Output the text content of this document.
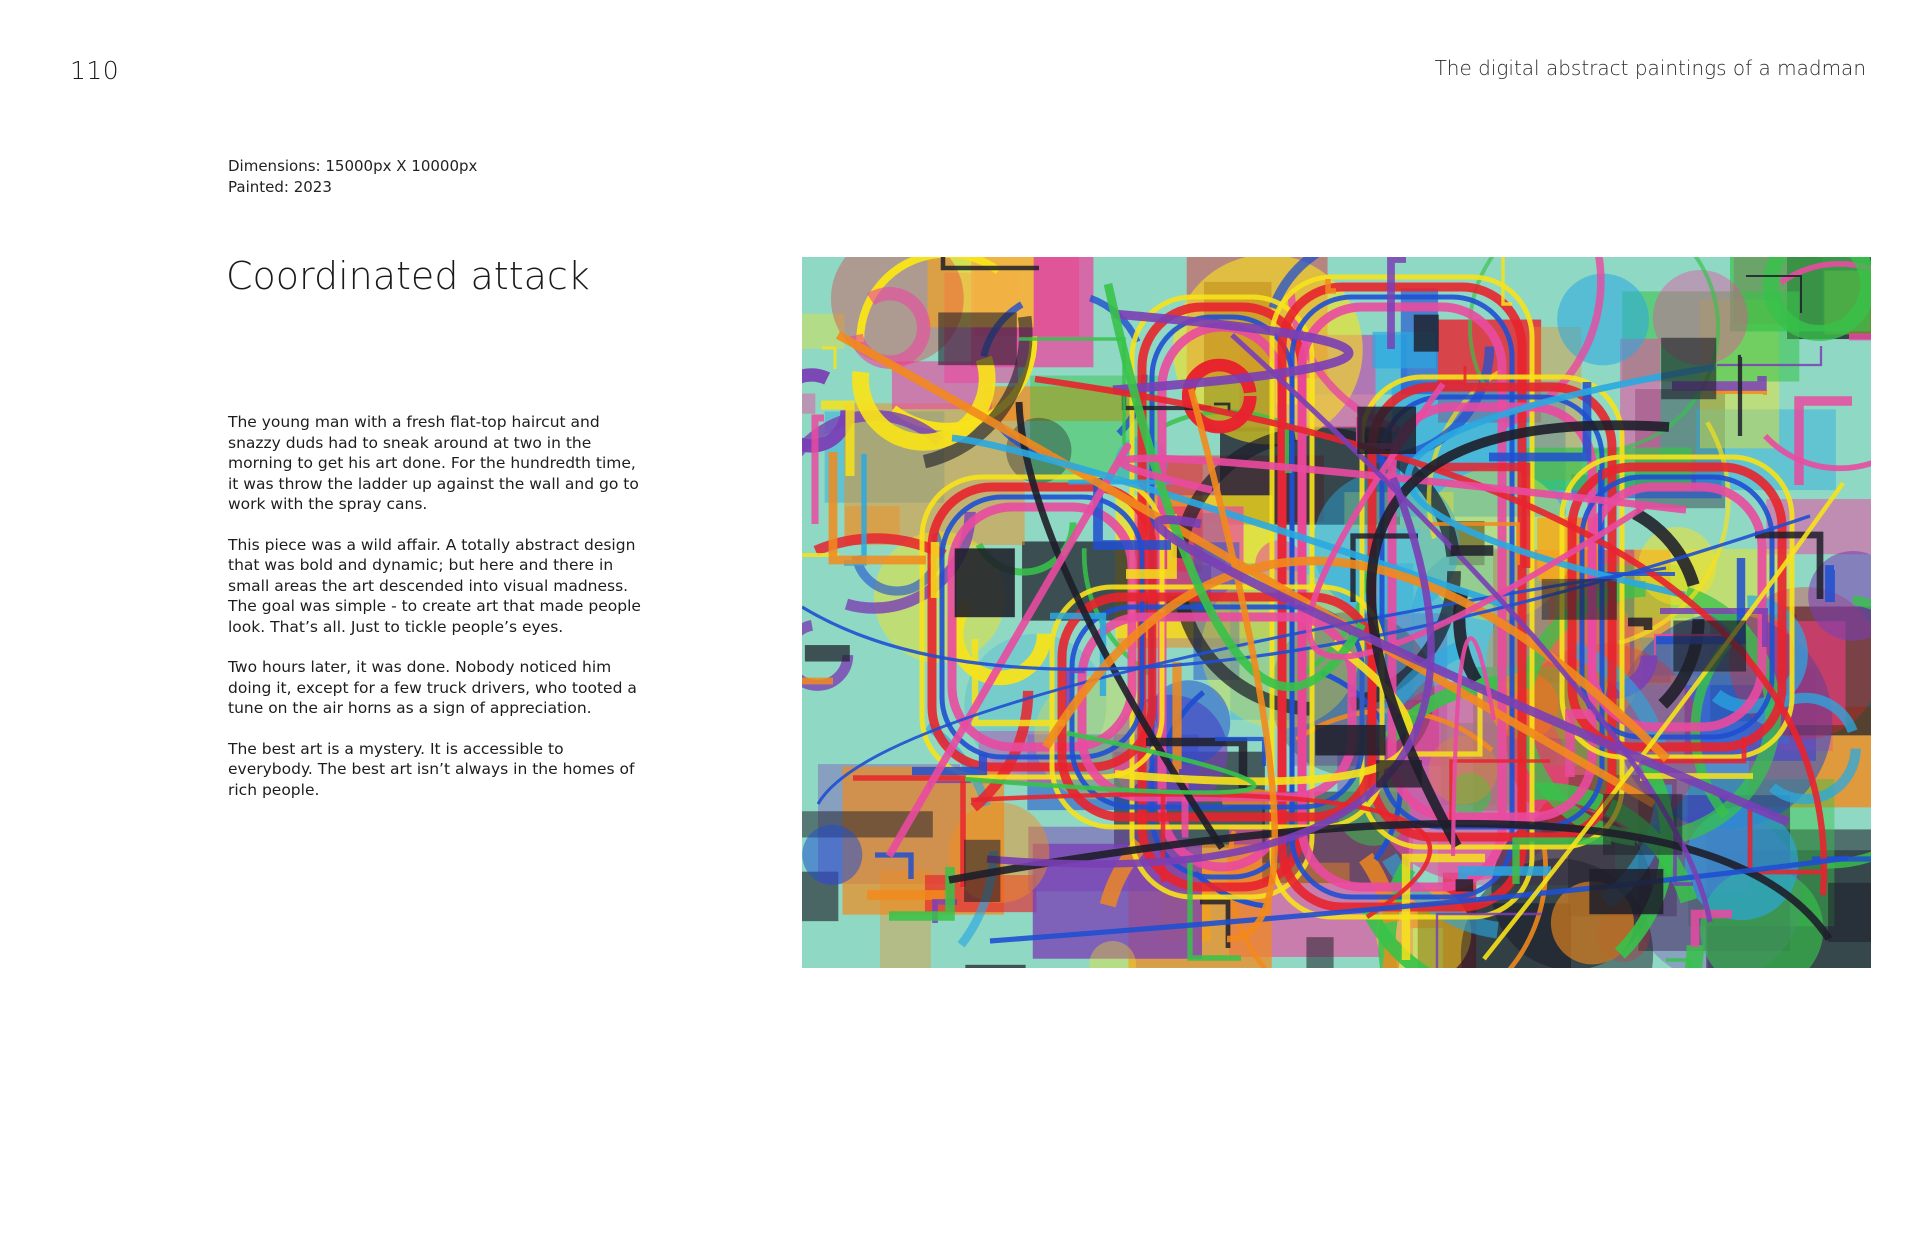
110	The digital abstract paintings of a madman
Dimensions: 15000px X 10000px
Painted: 2023
Coordinated attack

The young man with a fresh flat-top haircut and snazzy duds had to sneak around at two in the morning to get his art done. For the hundredth time, it was throw the ladder up against the wall and go to work with the spray cans.

This piece was a wild affair. A totally abstract design that was bold and dynamic; but here and there in small areas the art descended into visual madness. The goal was simple - to create art that made people look. That’s all. Just to tickle people’s eyes.

Two hours later, it was done. Nobody noticed him doing it, except for a few truck drivers, who tooted a tune on the air horns as a sign of appreciation.

The best art is a mystery. It is accessible to everybody. The best art isn’t always in the homes of rich people.
